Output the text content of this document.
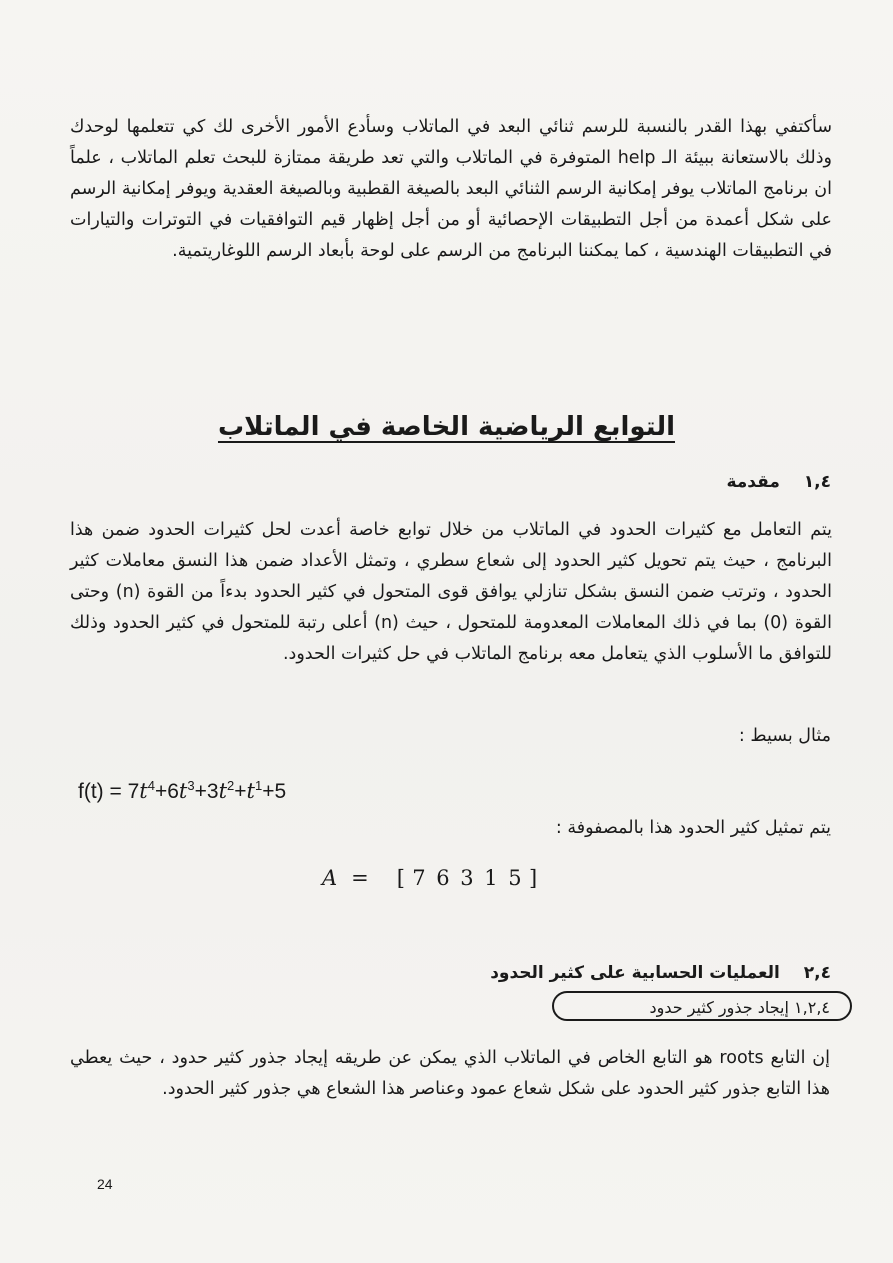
سأكتفي بهذا القدر بالنسبة للرسم ثنائي البعد في الماتلاب وسأدع الأمور الأخرى لك كي تتعلمها لوحدك وذلك بالاستعانة ببيئة الـ help المتوفرة في الماتلاب والتي تعد طريقة ممتازة للبحث تعلم الماتلاب ، علماً ان برنامج الماتلاب يوفر إمكانية الرسم الثنائي البعد بالصيغة القطبية وبالصيغة العقدية ويوفر إمكانية الرسم على شكل أعمدة من أجل التطبيقات الإحصائية أو من أجل إظهار قيم التوافقيات في التوترات والتيارات في التطبيقات الهندسية ، كما يمكننا البرنامج من الرسم على لوحة بأبعاد الرسم اللوغاريتمية.

التوابع الرياضية الخاصة في الماتلاب
١,٤ مقدمة

يتم التعامل مع كثيرات الحدود في الماتلاب من خلال توابع خاصة أعدت لحل كثيرات الحدود ضمن هذا البرنامج ، حيث يتم تحويل كثير الحدود إلى شعاع سطري ، وتمثل الأعداد ضمن هذا النسق معاملات كثير الحدود ، وترتب ضمن النسق بشكل تنازلي يوافق قوى المتحول في كثير الحدود بدءاً من القوة (n) وحتى القوة (0) بما في ذلك المعاملات المعدومة للمتحول ، حيث (n) أعلى رتبة للمتحول في كثير الحدود وذلك للتوافق ما الأسلوب الذي يتعامل معه برنامج الماتلاب في حل كثيرات الحدود.

مثال بسيط :
$f(t) = 7t^4+6t^3+3t^2+t^1+5$
يتم تمثيل كثير الحدود هذا بالمصفوفة :
A = [ 7 6 3 1 5 ]
٢,٤ العمليات الحسابية على كثير الحدود
١,٢,٤ إيجاد جذور كثير حدود

إن التابع roots هو التابع الخاص في الماتلاب الذي يمكن عن طريقه إيجاد جذور كثير حدود ، حيث يعطي هذا التابع جذور كثير الحدود على شكل شعاع عمود وعناصر هذا الشعاع هي جذور كثير الحدود.

24
